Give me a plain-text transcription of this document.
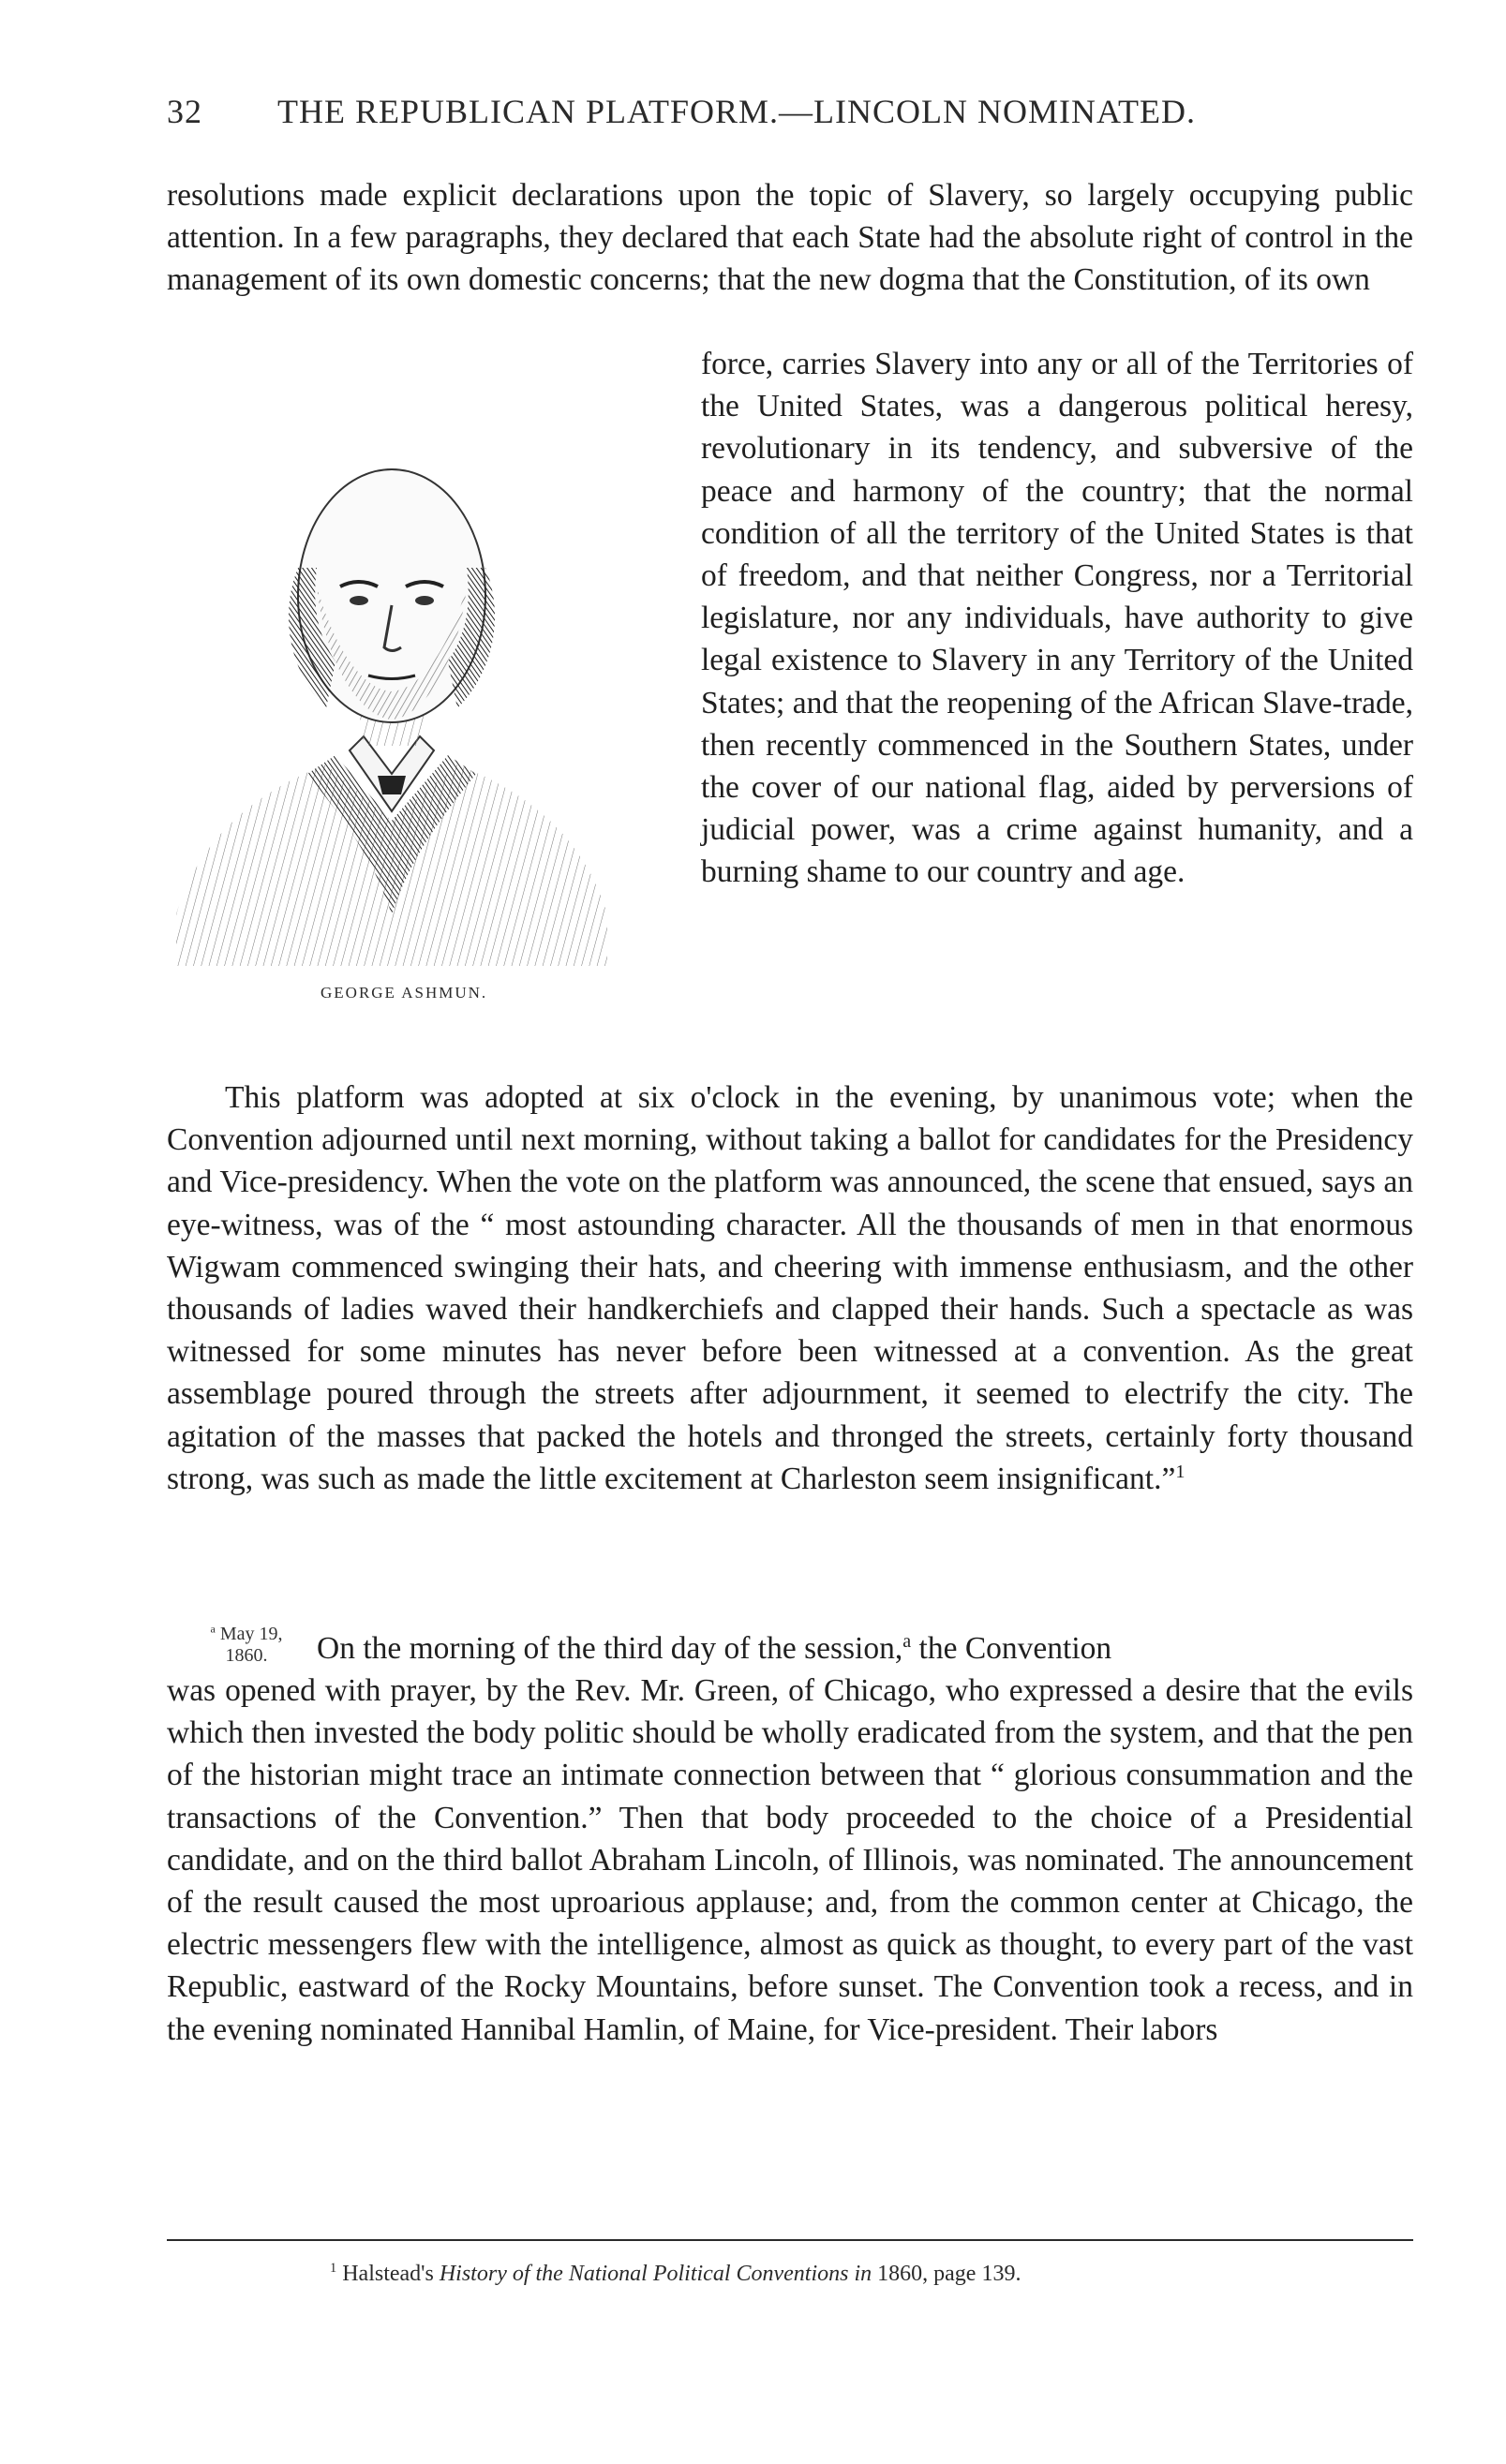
32 THE REPUBLICAN PLATFORM.—LINCOLN NOMINATED.

resolutions made explicit declarations upon the topic of Slavery, so largely occupying public attention. In a few paragraphs, they declared that each State had the absolute right of control in the management of its own domestic concerns; that the new dogma that the Constitution, of its own

force, carries Slavery into any or all of the Territories of the United States, was a dangerous political heresy, revolutionary in its tendency, and subversive of the peace and harmony of the country; that the normal condition of all the territory of the United States is that of freedom, and that neither Congress, nor a Territorial legislature, nor any individuals, have authority to give legal existence to Slavery in any Territory of the United States; and that the reopening of the African Slave-trade, then recently commenced in the Southern States, under the cover of our national flag, aided by perversions of judicial power, was a crime against humanity, and a burning shame to our country and age.

GEORGE ASHMUN.

This platform was adopted at six o'clock in the evening, by unanimous vote; when the Convention adjourned until next morning, without taking a ballot for candidates for the Presidency and Vice-presidency. When the vote on the platform was announced, the scene that ensued, says an eye-witness, was of the “ most astounding character. All the thousands of men in that enormous Wigwam commenced swinging their hats, and cheering with immense enthusiasm, and the other thousands of ladies waved their handkerchiefs and clapped their hands. Such a spectacle as was witnessed for some minutes has never before been witnessed at a convention. As the great assemblage poured through the streets after adjournment, it seemed to electrify the city. The agitation of the masses that packed the hotels and thronged the streets, certainly forty thousand strong, was such as made the little excitement at Charleston seem insignificant.”$^1$

$^a$ May 19,
1860.	On the morning of the third day of the session,$^a$ the Convention

was opened with prayer, by the Rev. Mr. Green, of Chicago, who expressed a desire that the evils which then invested the body politic should be wholly eradicated from the system, and that the pen of the historian might trace an intimate connection between that “ glorious consummation and the transactions of the Convention.” Then that body proceeded to the choice of a Presidential candidate, and on the third ballot Abraham Lincoln, of Illinois, was nominated. The announcement of the result caused the most uproarious applause; and, from the common center at Chicago, the electric messengers flew with the intelligence, almost as quick as thought, to every part of the vast Republic, eastward of the Rocky Mountains, before sunset. The Convention took a recess, and in the evening nominated Hannibal Hamlin, of Maine, for Vice-president. Their labors

$^1$ Halstead's History of the National Political Conventions in 1860, page 139.
